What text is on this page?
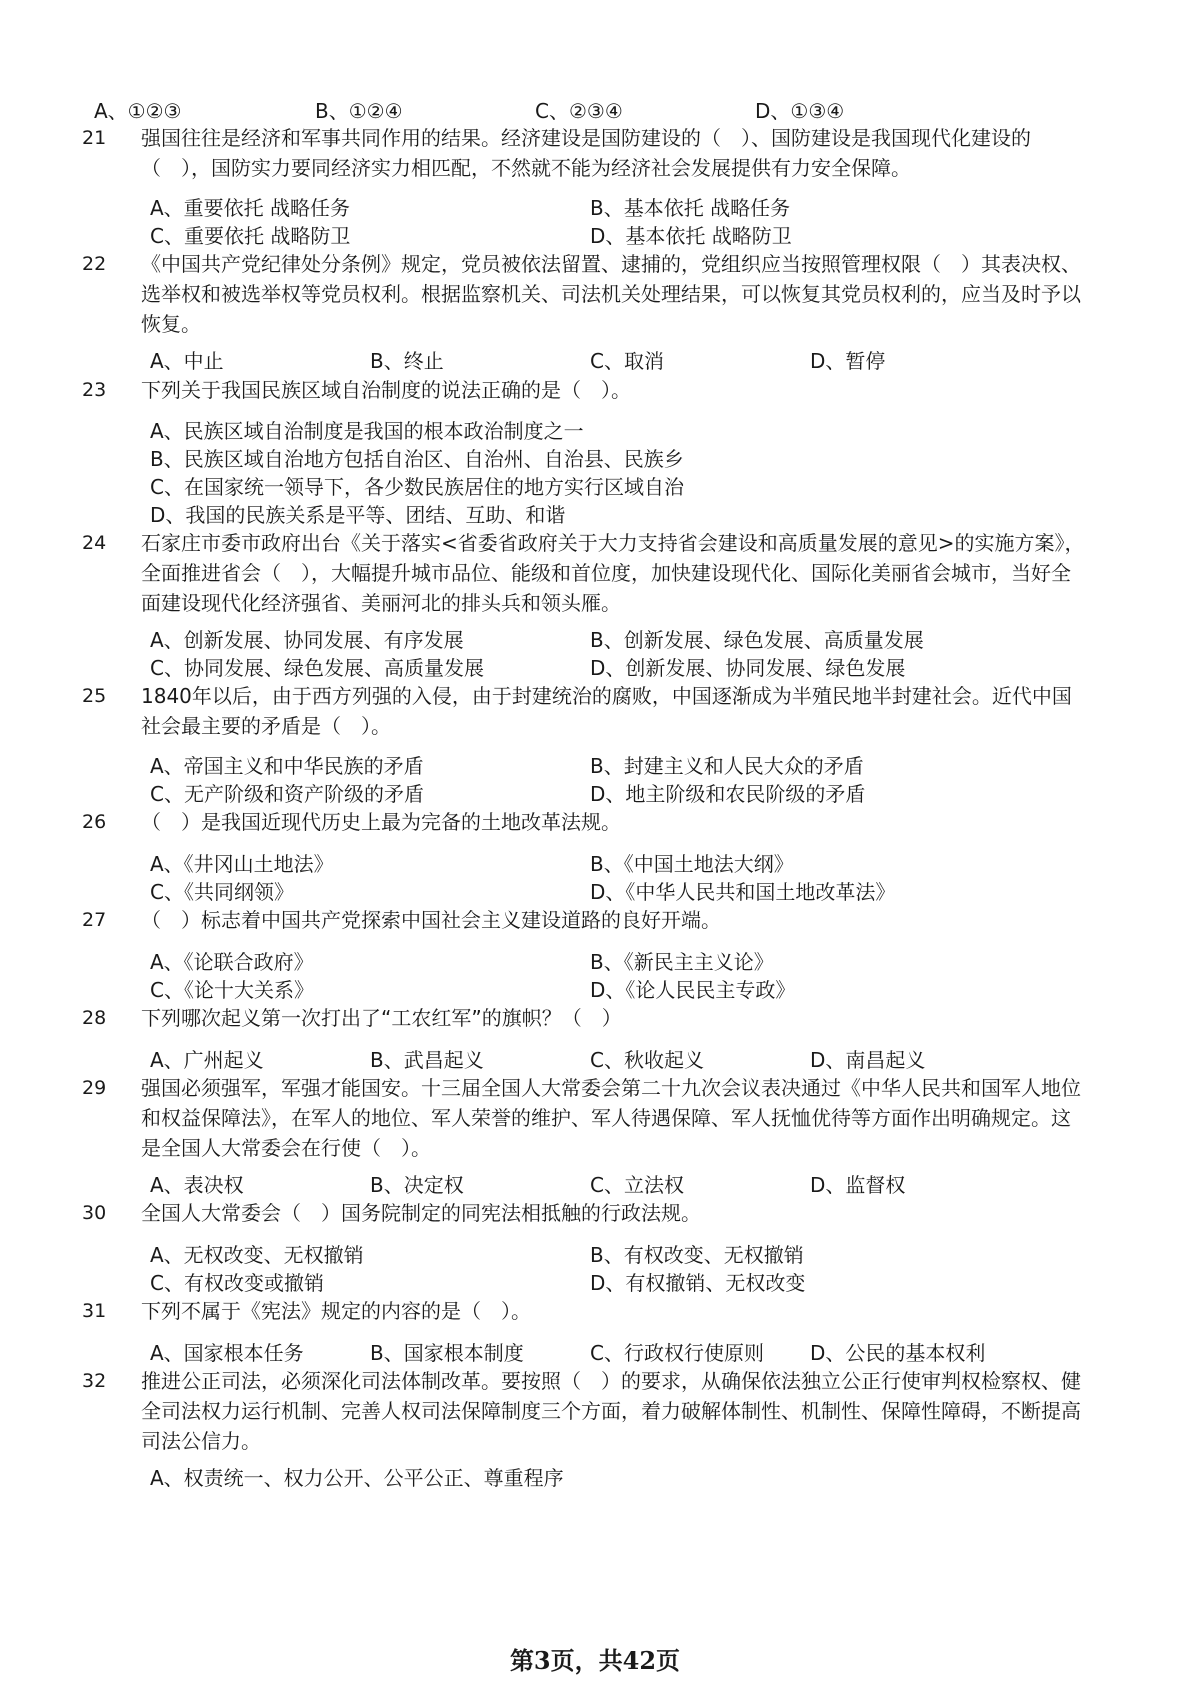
A、①②③	B、①②④	C、②③④	D、①③④
21 强国往往是经济和军事共同作用的结果。经济建设是国防建设的（　）、国防建设是我国现代化建设的（　），国防实力要同经济实力相匹配，不然就不能为经济社会发展提供有力安全保障。
A、重要依托 战略任务	B、基本依托 战略任务
C、重要依托 战略防卫	D、基本依托 战略防卫
22 《中国共产党纪律处分条例》规定，党员被依法留置、逮捕的，党组织应当按照管理权限（　）其表决权、选举权和被选举权等党员权利。根据监察机关、司法机关处理结果，可以恢复其党员权利的，应当及时予以恢复。
A、中止	B、终止	C、取消	D、暂停
23 下列关于我国民族区域自治制度的说法正确的是（　）。
A、民族区域自治制度是我国的根本政治制度之一
B、民族区域自治地方包括自治区、自治州、自治县、民族乡
C、在国家统一领导下，各少数民族居住的地方实行区域自治
D、我国的民族关系是平等、团结、互助、和谐
24 石家庄市委市政府出台《关于落实<省委省政府关于大力支持省会建设和高质量发展的意见>的实施方案》，全面推进省会（　），大幅提升城市品位、能级和首位度，加快建设现代化、国际化美丽省会城市，当好全面建设现代化经济强省、美丽河北的排头兵和领头雁。
A、创新发展、协同发展、有序发展	B、创新发展、绿色发展、高质量发展
C、协同发展、绿色发展、高质量发展	D、创新发展、协同发展、绿色发展
25 1840年以后，由于西方列强的入侵，由于封建统治的腐败，中国逐渐成为半殖民地半封建社会。近代中国社会最主要的矛盾是（　）。
A、帝国主义和中华民族的矛盾	B、封建主义和人民大众的矛盾
C、无产阶级和资产阶级的矛盾	D、地主阶级和农民阶级的矛盾
26 （　）是我国近现代历史上最为完备的土地改革法规。
A、《井冈山土地法》	B、《中国土地法大纲》
C、《共同纲领》	D、《中华人民共和国土地改革法》
27 （　）标志着中国共产党探索中国社会主义建设道路的良好开端。
A、《论联合政府》	B、《新民主主义论》
C、《论十大关系》	D、《论人民民主专政》
28 下列哪次起义第一次打出了“工农红军”的旗帜？（　）
A、广州起义	B、武昌起义	C、秋收起义	D、南昌起义
29 强国必须强军，军强才能国安。十三届全国人大常委会第二十九次会议表决通过《中华人民共和国军人地位和权益保障法》，在军人的地位、军人荣誉的维护、军人待遇保障、军人抚恤优待等方面作出明确规定。这是全国人大常委会在行使（　）。
A、表决权	B、决定权	C、立法权	D、监督权
30 全国人大常委会（　）国务院制定的同宪法相抵触的行政法规。
A、无权改变、无权撤销	B、有权改变、无权撤销
C、有权改变或撤销	D、有权撤销、无权改变
31 下列不属于《宪法》规定的内容的是（　）。
A、国家根本任务	B、国家根本制度	C、行政权行使原则 D、公民的基本权利
32 推进公正司法，必须深化司法体制改革。要按照（　）的要求，从确保依法独立公正行使审判权检察权、健全司法权力运行机制、完善人权司法保障制度三个方面，着力破解体制性、机制性、保障性障碍，不断提高司法公信力。
A、权责统一、权力公开、公平公正、尊重程序
第3页，共42页
